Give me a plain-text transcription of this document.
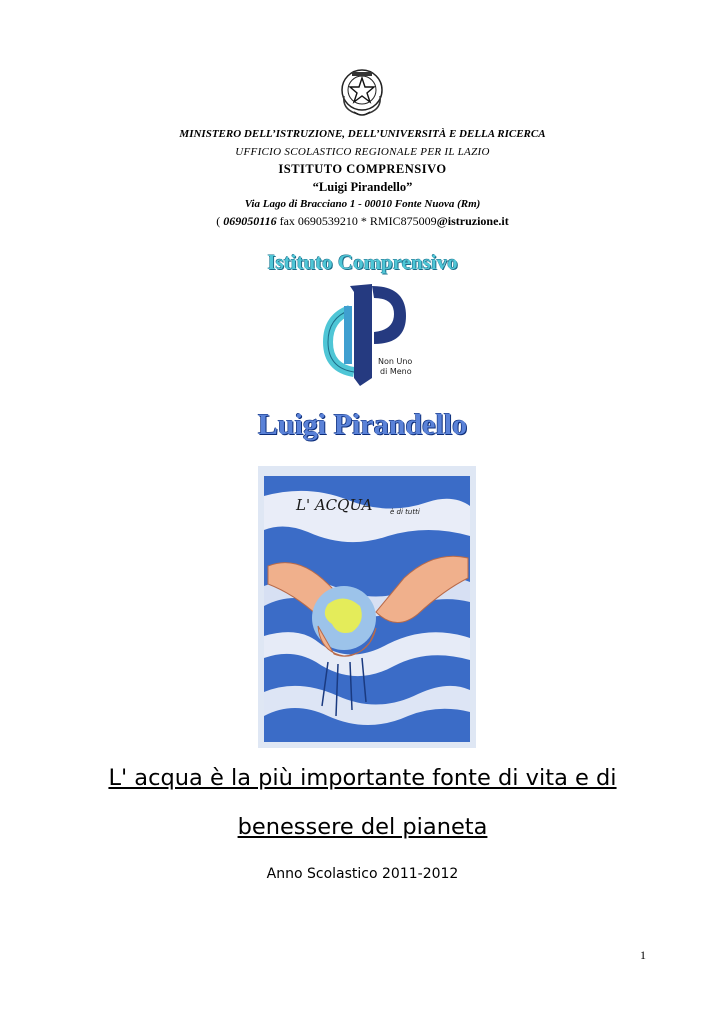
MINISTERO DELL’ISTRUZIONE, DELL’UNIVERSITÀ E DELLA RICERCA
UFFICIO SCOLASTICO REGIONALE PER IL LAZIO
ISTITUTO COMPRENSIVO
“Luigi Pirandello”
Via Lago di Bracciano 1 - 00010 Fonte Nuova (Rm)
( 069050116 fax 0690539210 * RMIC875009@istruzione.it
Istituto Comprensivo
Non Uno
di Meno
Luigi Pirandello
L' ACQUA	è di tutti
L' acqua è la più importante fonte di vita e di
benessere del pianeta
Anno Scolastico 2011-2012
1
